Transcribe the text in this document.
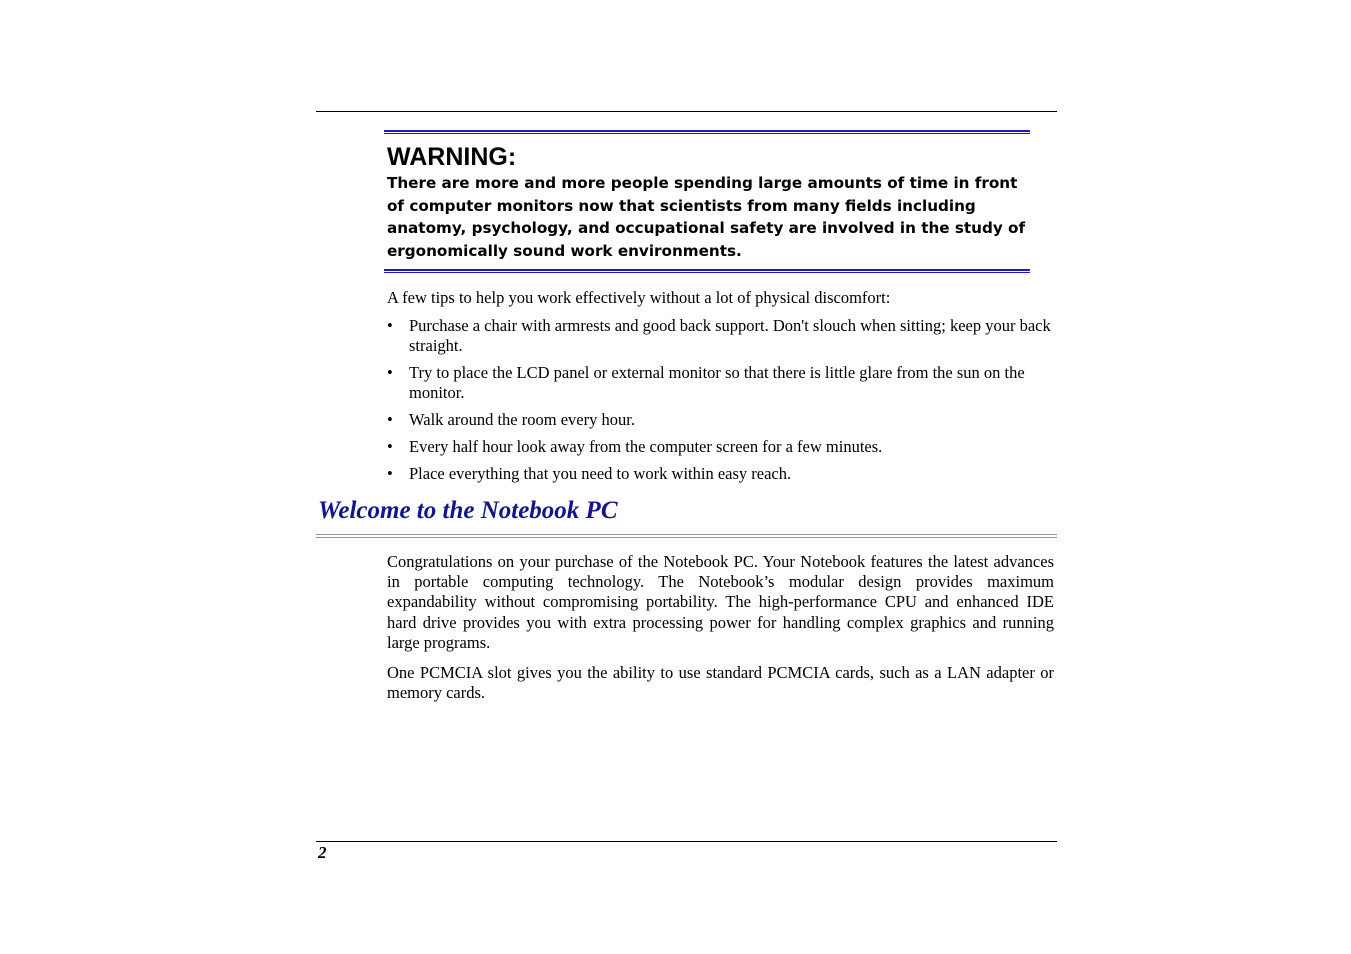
WARNING:

There are more and more people spending large amounts of time in front of computer monitors now that scientists from many fields including anatomy, psychology, and occupational safety are involved in the study of ergonomically sound work environments.

A few tips to help you work effectively without a lot of physical discomfort:

• Purchase a chair with armrests and good back support. Don't slouch when sitting; keep your back straight.
• Try to place the LCD panel or external monitor so that there is little glare from the sun on the monitor.
• Walk around the room every hour.
• Every half hour look away from the computer screen for a few minutes.
• Place everything that you need to work within easy reach.
Welcome to the Notebook PC

Congratulations on your purchase of the Notebook PC. Your Notebook features the latest advances in portable computing technology. The Notebook’s modular design provides maximum expandability without compromising portability. The high-performance CPU and enhanced IDE hard drive provides you with extra processing power for handling complex graphics and running large programs.

One PCMCIA slot gives you the ability to use standard PCMCIA cards, such as a LAN adapter or memory cards.

2
